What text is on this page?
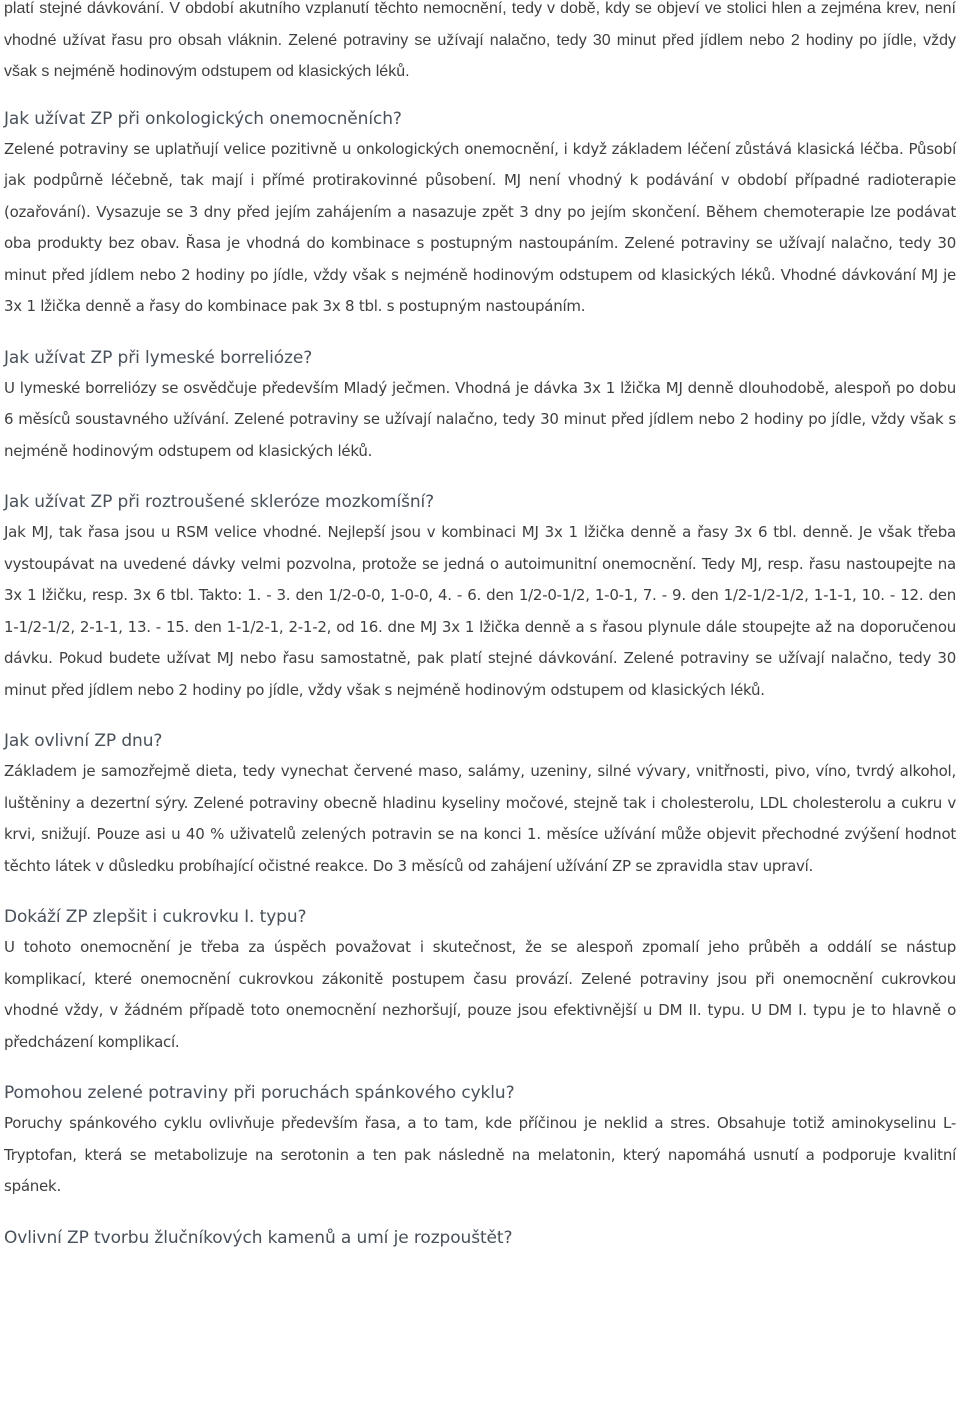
platí stejné dávkování. V období akutního vzplanutí těchto nemocnění, tedy v době, kdy se objeví ve stolici hlen a zejména krev, není vhodné užívat řasu pro obsah vláknin. Zelené potraviny se užívají nalačno, tedy 30 minut před jídlem nebo 2 hodiny po jídle, vždy však s nejméně hodinovým odstupem od klasických léků.

Jak užívat ZP při onkologických onemocněních?

Zelené potraviny se uplatňují velice pozitivně u onkologických onemocnění, i když základem léčení zůstává klasická léčba. Působí jak podpůrně léčebně, tak mají i přímé protirakovinné působení. MJ není vhodný k podávání v období případné radioterapie (ozařování). Vysazuje se 3 dny před jejím zahájením a nasazuje zpět 3 dny po jejím skončení. Během chemoterapie lze podávat oba produkty bez obav. Řasa je vhodná do kombinace s postupným nastoupáním. Zelené potraviny se užívají nalačno, tedy 30 minut před jídlem nebo 2 hodiny po jídle, vždy však s nejméně hodinovým odstupem od klasických léků. Vhodné dávkování MJ je 3x 1 lžička denně a řasy do kombinace pak 3x 8 tbl. s postupným nastoupáním.

Jak užívat ZP při lymeské borrelióze?

U lymeské borreliózy se osvědčuje především Mladý ječmen. Vhodná je dávka 3x 1 lžička MJ denně dlouhodobě, alespoň po dobu 6 měsíců soustavného užívání. Zelené potraviny se užívají nalačno, tedy 30 minut před jídlem nebo 2 hodiny po jídle, vždy však s nejméně hodinovým odstupem od klasických léků.

Jak užívat ZP při roztroušené skleróze mozkomíšní?

Jak MJ, tak řasa jsou u RSM velice vhodné. Nejlepší jsou v kombinaci MJ 3x 1 lžička denně a řasy 3x 6 tbl. denně. Je však třeba vystoupávat na uvedené dávky velmi pozvolna, protože se jedná o autoimunitní onemocnění. Tedy MJ, resp. řasu nastoupejte na 3x 1 lžičku, resp. 3x 6 tbl. Takto: 1. - 3. den 1/2-0-0, 1-0-0, 4. - 6. den 1/2-0-1/2, 1-0-1, 7. - 9. den 1/2-1/2-1/2, 1-1-1, 10. - 12. den 1-1/2-1/2, 2-1-1, 13. - 15. den 1-1/2-1, 2-1-2, od 16. dne MJ 3x 1 lžička denně a s řasou plynule dále stoupejte až na doporučenou dávku. Pokud budete užívat MJ nebo řasu samostatně, pak platí stejné dávkování. Zelené potraviny se užívají nalačno, tedy 30 minut před jídlem nebo 2 hodiny po jídle, vždy však s nejméně hodinovým odstupem od klasických léků.

Jak ovlivní ZP dnu?

Základem je samozřejmě dieta, tedy vynechat červené maso, salámy, uzeniny, silné vývary, vnitřnosti, pivo, víno, tvrdý alkohol, luštěniny a dezertní sýry. Zelené potraviny obecně hladinu kyseliny močové, stejně tak i cholesterolu, LDL cholesterolu a cukru v krvi, snižují. Pouze asi u 40 % uživatelů zelených potravin se na konci 1. měsíce užívání může objevit přechodné zvýšení hodnot těchto látek v důsledku probíhající očistné reakce. Do 3 měsíců od zahájení užívání ZP se zpravidla stav upraví.

Dokáží ZP zlepšit i cukrovku I. typu?

U tohoto onemocnění je třeba za úspěch považovat i skutečnost, že se alespoň zpomalí jeho průběh a oddálí se nástup komplikací, které onemocnění cukrovkou zákonitě postupem času provází. Zelené potraviny jsou při onemocnění cukrovkou vhodné vždy, v žádném případě toto onemocnění nezhoršují, pouze jsou efektivnější u DM II. typu. U DM I. typu je to hlavně o předcházení komplikací.

Pomohou zelené potraviny při poruchách spánkového cyklu?

Poruchy spánkového cyklu ovlivňuje především řasa, a to tam, kde příčinou je neklid a stres. Obsahuje totiž aminokyselinu L-Tryptofan, která se metabolizuje na serotonin a ten pak následně na melatonin, který napomáhá usnutí a podporuje kvalitní spánek.

Ovlivní ZP tvorbu žlučníkových kamenů a umí je rozpouštět?
